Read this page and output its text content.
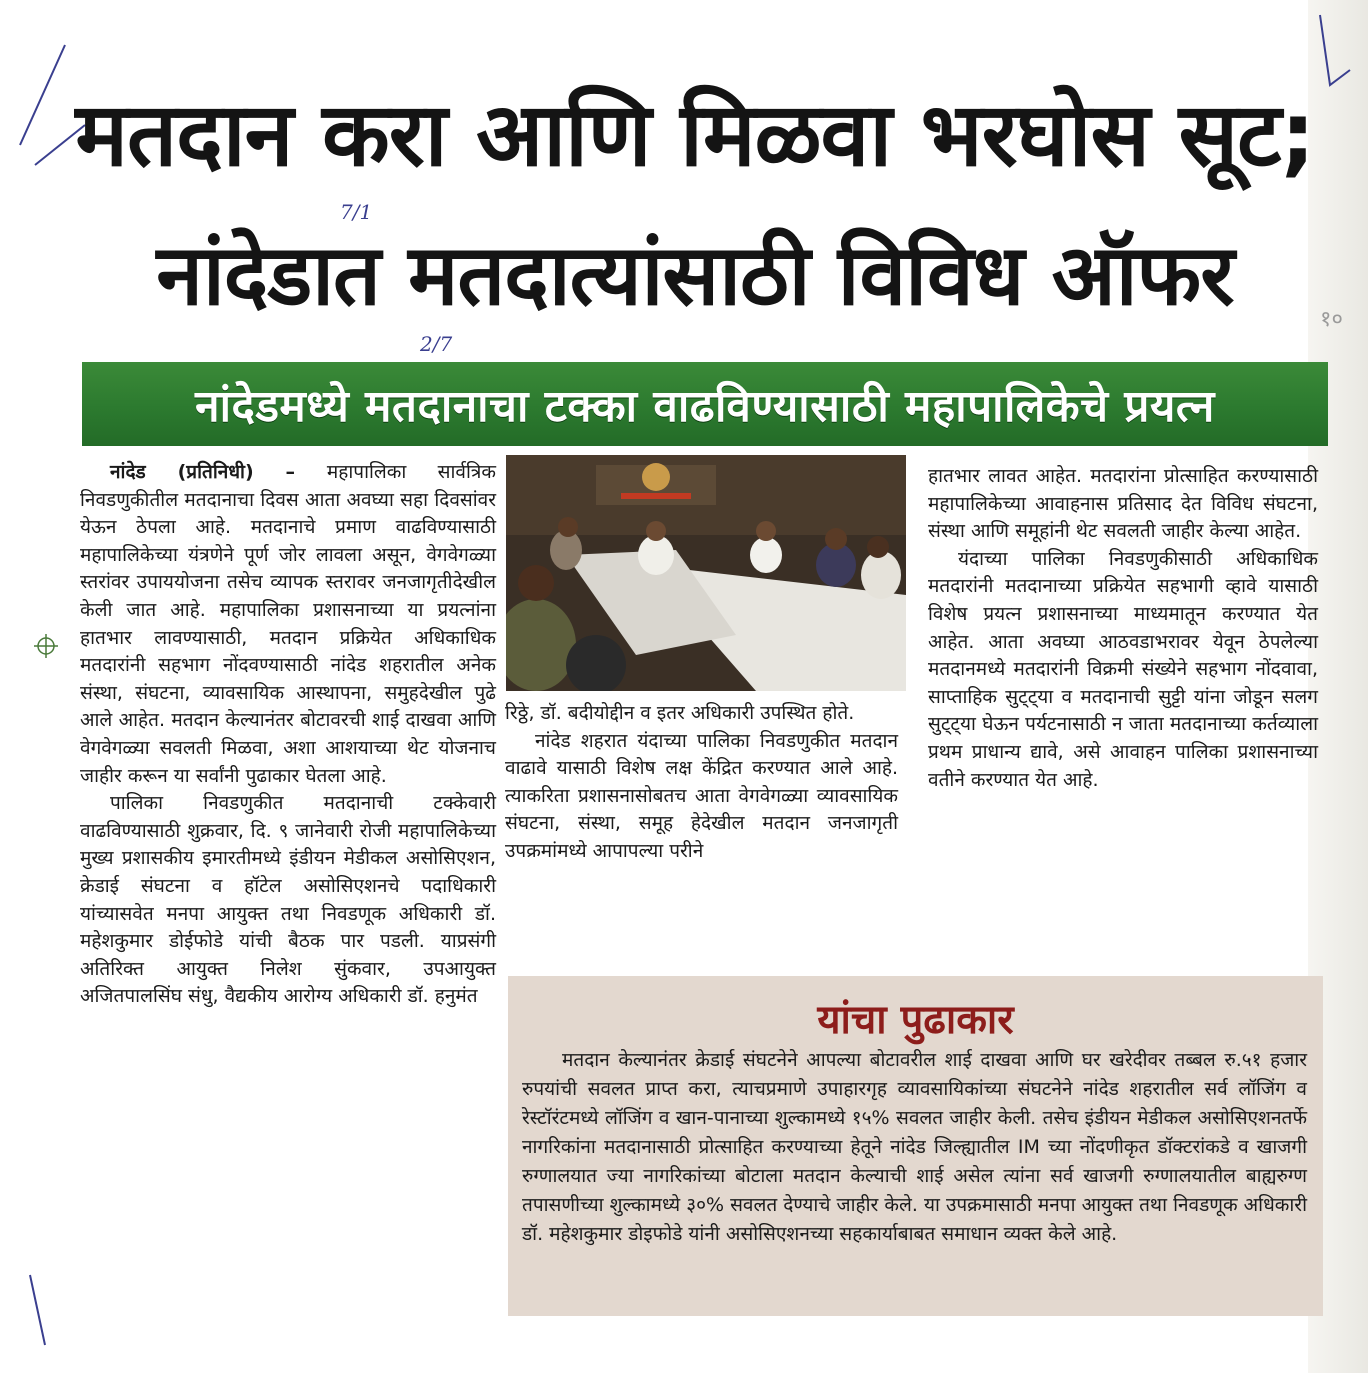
१०
7/1
2/7
मतदान करा आणि मिळवा भरघोस सूट;
नांदेडात मतदात्यांसाठी विविध ऑफर
नांदेडमध्ये मतदानाचा टक्का वाढविण्यासाठी महापालिकेचे प्रयत्न

नांदेड (प्रतिनिधी) – महापालिका सार्वत्रिक निवडणुकीतील मतदानाचा दिवस आता अवघ्या सहा दिवसांवर येऊन ठेपला आहे. मतदानाचे प्रमाण वाढविण्यासाठी महापालिकेच्या यंत्रणेने पूर्ण जोर लावला असून, वेगवेगळ्या स्तरांवर उपाययोजना तसेच व्यापक स्तरावर जनजागृतीदेखील केली जात आहे. महापालिका प्रशासनाच्या या प्रयत्नांना हातभार लावण्यासाठी, मतदान प्रक्रियेत अधिकाधिक मतदारांनी सहभाग नोंदवण्यासाठी नांदेड शहरातील अनेक संस्था, संघटना, व्यावसायिक आस्थापना, समुहदेखील पुढे आले आहेत. मतदान केल्यानंतर बोटावरची शाई दाखवा आणि वेगवेगळ्या सवलती मिळवा, अशा आशयाच्या थेट योजनाच जाहीर करून या सर्वांनी पुढाकार घेतला आहे.

पालिका निवडणुकीत मतदानाची टक्केवारी वाढविण्यासाठी शुक्रवार, दि. ९ जानेवारी रोजी महापालिकेच्या मुख्य प्रशासकीय इमारतीमध्ये इंडीयन मेडीकल असोसिएशन, क्रेडाई संघटना व हॉटेल असोसिएशनचे पदाधिकारी यांच्यासवेत मनपा आयुक्त तथा निवडणूक अधिकारी डॉ. महेशकुमार डोईफोडे यांची बैठक पार पडली. याप्रसंगी अतिरिक्त आयुक्त निलेश सुंकवार, उपआयुक्त अजितपालसिंघ संधु, वैद्यकीय आरोग्य अधिकारी डॉ. हनुमंत

रिठ्ठे, डॉ. बदीयोद्दीन व इतर अधिकारी उपस्थित होते.

नांदेड शहरात यंदाच्या पालिका निवडणुकीत मतदान वाढावे यासाठी विशेष लक्ष केंद्रित करण्यात आले आहे. त्याकरिता प्रशासनासोबतच आता वेगवेगळ्या व्यावसायिक संघटना, संस्था, समूह हेदेखील मतदान जनजागृती उपक्रमांमध्ये आपापल्या परीने

हातभार लावत आहेत. मतदारांना प्रोत्साहित करण्यासाठी महापालिकेच्या आवाहनास प्रतिसाद देत विविध संघटना, संस्था आणि समूहांनी थेट सवलती जाहीर केल्या आहेत.

यंदाच्या पालिका निवडणुकीसाठी अधिकाधिक मतदारांनी मतदानाच्या प्रक्रियेत सहभागी व्हावे यासाठी विशेष प्रयत्न प्रशासनाच्या माध्यमातून करण्यात येत आहेत. आता अवघ्या आठवडाभरावर येवून ठेपलेल्या मतदानमध्ये मतदारांनी विक्रमी संख्येने सहभाग नोंदवावा, साप्ताहिक सुट्ट्या व मतदानाची सुट्टी यांना जोडून सलग सुट्ट्या घेऊन पर्यटनासाठी न जाता मतदानाच्या कर्तव्याला प्रथम प्राधान्य द्यावे, असे आवाहन पालिका प्रशासनाच्या वतीने करण्यात येत आहे.

यांचा पुढाकार

मतदान केल्यानंतर क्रेडाई संघटनेने आपल्या बोटावरील शाई दाखवा आणि घर खरेदीवर तब्बल रु.५१ हजार रुपयांची सवलत प्राप्त करा, त्याचप्रमाणे उपाहारगृह व्यावसायिकांच्या संघटनेने नांदेड शहरातील सर्व लॉजिंग व रेस्टॉरंटमध्ये लॉजिंग व खान-पानाच्या शुल्कामध्ये १५% सवलत जाहीर केली. तसेच इंडीयन मेडीकल असोसिएशनतर्फे नागरिकांना मतदानासाठी प्रोत्साहित करण्याच्या हेतूने नांदेड जिल्ह्यातील IM च्या नोंदणीकृत डॉक्टरांकडे व खाजगी रुग्णालयात ज्या नागरिकांच्या बोटाला मतदान केल्याची शाई असेल त्यांना सर्व खाजगी रुग्णालयातील बाह्यरुग्ण तपासणीच्या शुल्कामध्ये ३०% सवलत देण्याचे जाहीर केले. या उपक्रमासाठी मनपा आयुक्त तथा निवडणूक अधिकारी डॉ. महेशकुमार डोइफोडे यांनी असोसिएशनच्या सहकार्याबाबत समाधान व्यक्त केले आहे.
